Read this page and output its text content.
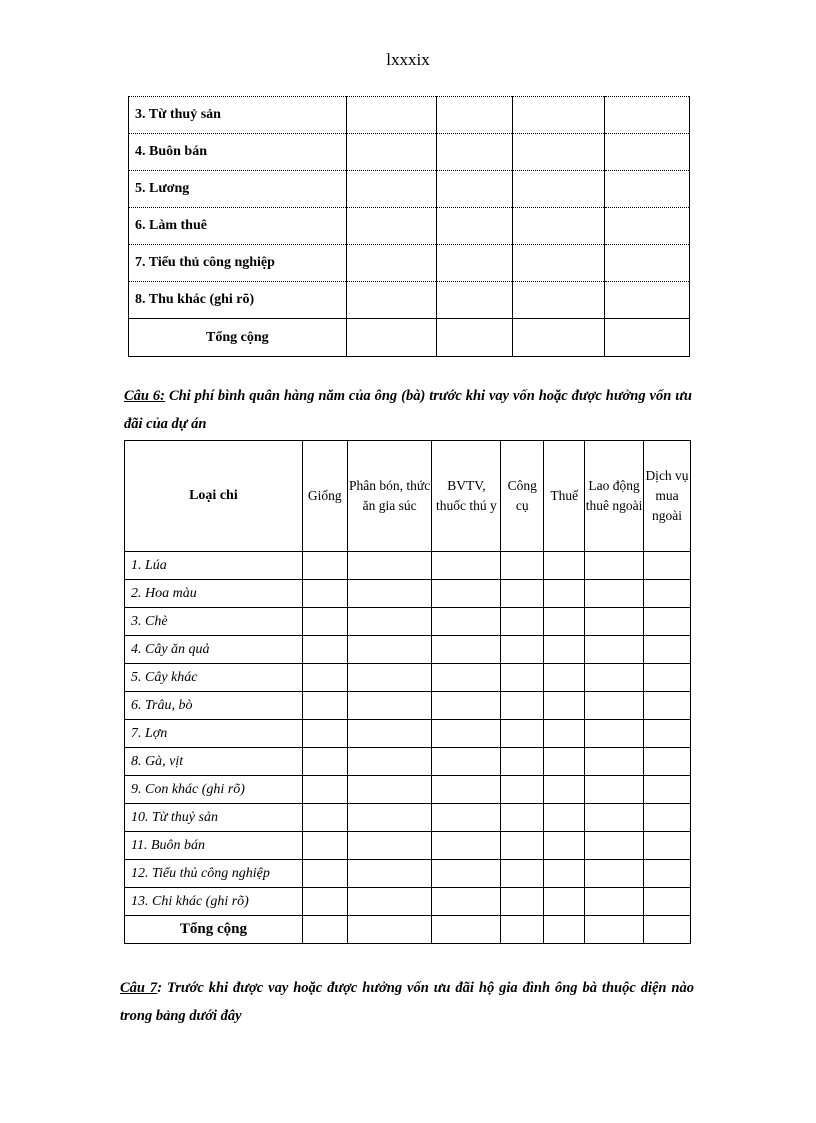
lxxxix
3. Từ thuỷ sản				
4. Buôn bán				
5. Lương				
6. Làm thuê				
7. Tiểu thủ công nghiệp				
8. Thu khác (ghi rõ)				
Tổng cộng				
Câu 6: Chi phí bình quân hàng năm của ông (bà) trước khi vay vốn hoặc được hưởng vốn ưu đãi của dự án
Loại chi	Giống	Phân bón, thức ăn gia súc	BVTV, thuốc thú y	Công cụ	Thuế	Lao động thuê ngoài	Dịch vụ mua ngoài
1. Lúa							
2. Hoa màu							
3. Chè							
4. Cây ăn quả							
5. Cây khác							
6. Trâu, bò							
7. Lợn							
8. Gà, vịt							
9. Con khác (ghi rõ)							
10. Từ thuỷ sản							
11. Buôn bán							
12. Tiểu thủ công nghiệp							
13. Chi khác (ghi rõ)							
Tổng cộng							
Câu 7: Trước khi được vay hoặc được hưởng vốn ưu đãi hộ gia đình ông bà thuộc diện nào trong bảng dưới đây
